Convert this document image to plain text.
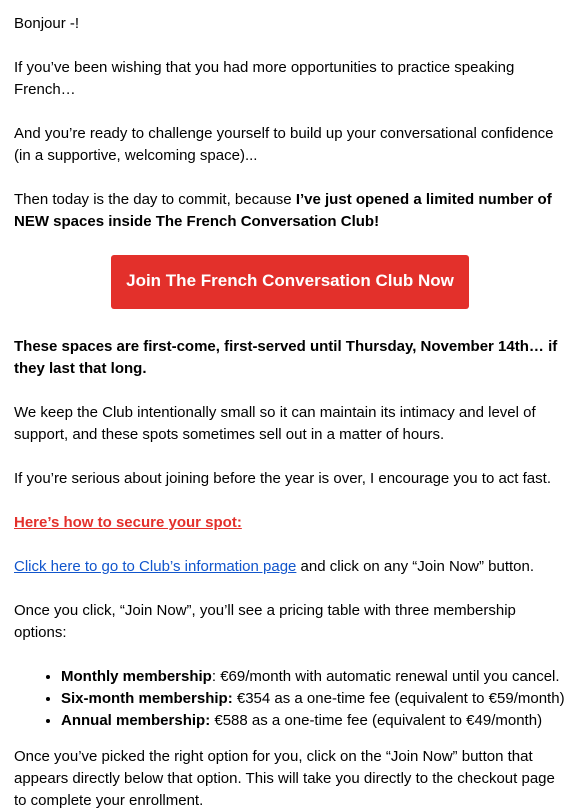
Bonjour -!

If you’ve been wishing that you had more opportunities to practice speaking French…

And you’re ready to challenge yourself to build up your conversational confidence (in a supportive, welcoming space)...

Then today is the day to commit, because I’ve just opened a limited number of NEW spaces inside The French Conversation Club!

Join The French Conversation Club Now

These spaces are first-come, first-served until Thursday, November 14th… if they last that long.

We keep the Club intentionally small so it can maintain its intimacy and level of support, and these spots sometimes sell out in a matter of hours.

If you’re serious about joining before the year is over, I encourage you to act fast.

Here’s how to secure your spot:

Click here to go to Club’s information page and click on any “Join Now” button.

Once you click, “Join Now”, you’ll see a pricing table with three membership options:

• Monthly membership: €69/month with automatic renewal until you cancel.
• Six-month membership: €354 as a one-time fee (equivalent to €59/month)
• Annual membership: €588 as a one-time fee (equivalent to €49/month)

Once you’ve picked the right option for you, click on the “Join Now” button that appears directly below that option. This will take you directly to the checkout page to complete your enrollment.
